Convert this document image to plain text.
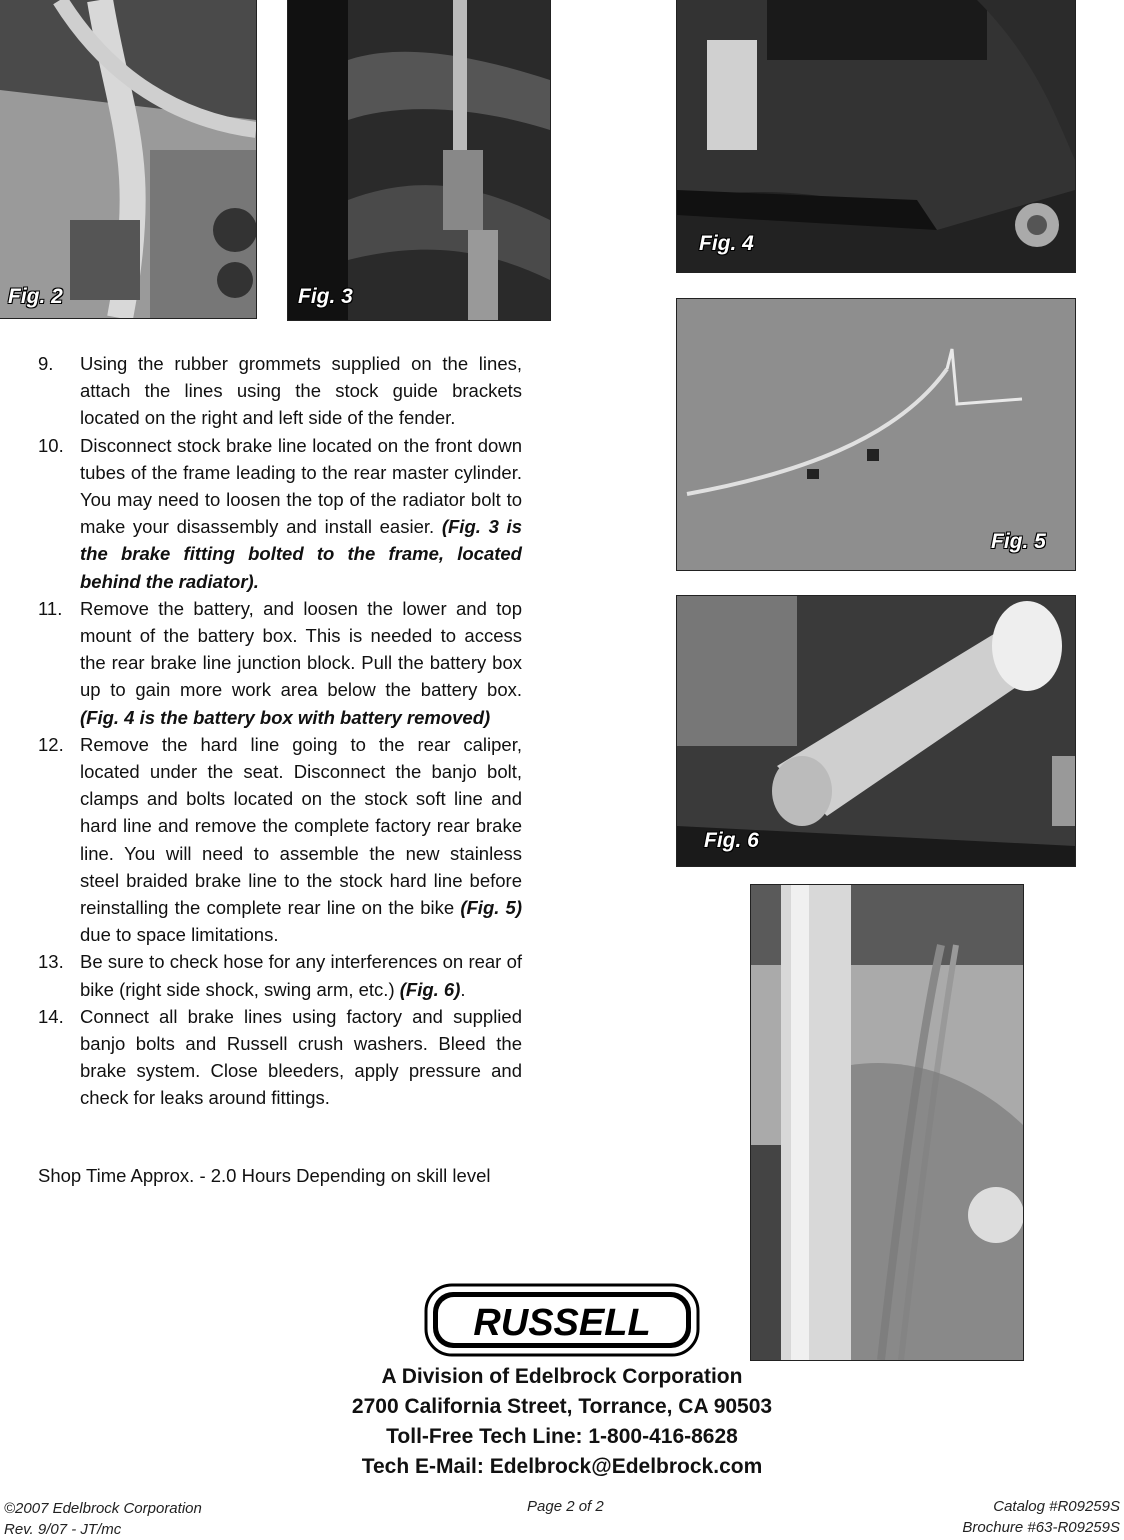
Fig. 2	Fig. 3
Fig. 4
Fig. 5
Fig. 6
9.	Using the rubber grommets supplied on the lines, attach the lines using the stock guide brackets located on the right and left side of the fender.
10. Disconnect stock brake line located on the front down tubes of the frame leading to the rear master cylinder. You may need to loosen the top of the radiator bolt to make your disassembly and install easier. (Fig. 3 is the brake fitting bolted to the frame, located behind the radiator).
11. Remove the battery, and loosen the lower and top mount of the battery box. This is needed to access the rear brake line junction block. Pull the battery box up to gain more work area below the battery box. (Fig. 4 is the battery box with battery removed)
12. Remove the hard line going to the rear caliper, located under the seat. Disconnect the banjo bolt, clamps and bolts located on the stock soft line and hard line and remove the complete factory rear brake line. You will need to assemble the new stainless steel braided brake line to the stock hard line before reinstalling the complete rear line on the bike (Fig. 5) due to space limitations.
13. Be sure to check hose for any interferences on rear of bike (right side shock, swing arm, etc.) (Fig. 6).
14. Connect all brake lines using factory and supplied banjo bolts and Russell crush washers. Bleed the brake system. Close bleeders, apply pressure and check for leaks around fittings.
Shop Time Approx. - 2.0 Hours Depending on skill level
RUSSELL
A Division of Edelbrock Corporation
2700 California Street, Torrance, CA 90503
Toll-Free Tech Line: 1-800-416-8628
Tech E-Mail: Edelbrock@Edelbrock.com
©2007 Edelbrock Corporation
Rev. 9/07 - JT/mc
Page 2 of 2	Catalog #R09259S
Brochure #63-R09259S
